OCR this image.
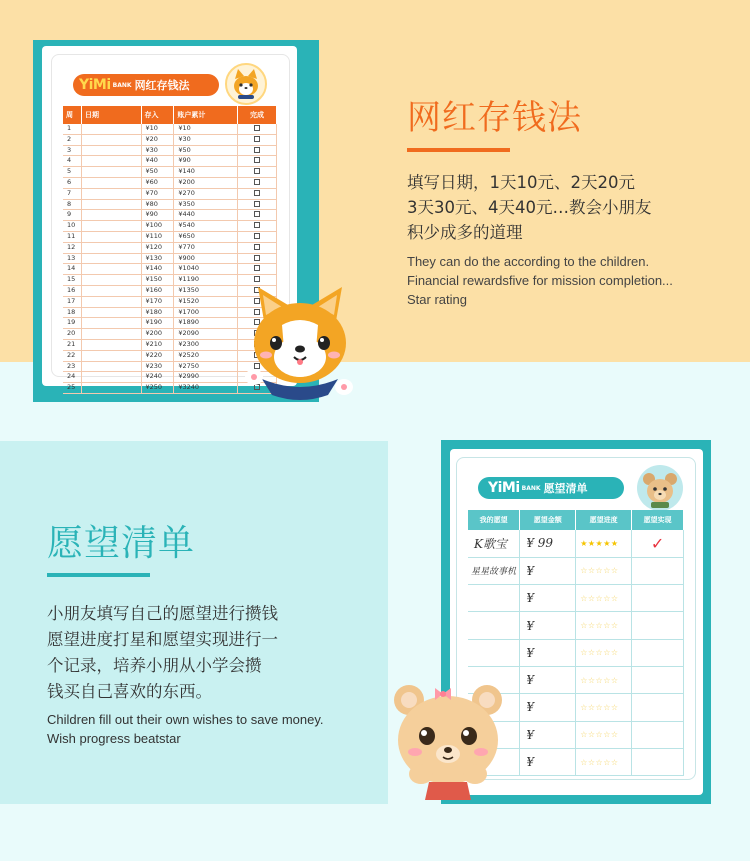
YiMi BANK 网红存钱法
周	日期	存入	账户累计	完成
1		¥10	¥10	
2		¥20	¥30	
3		¥30	¥50	
4		¥40	¥90	
5		¥50	¥140	
6		¥60	¥200	
7		¥70	¥270	
8		¥80	¥350	
9		¥90	¥440	
10		¥100	¥540	
11		¥110	¥650	
12		¥120	¥770	
13		¥130	¥900	
14		¥140	¥1040	
15		¥150	¥1190	
16		¥160	¥1350	
17		¥170	¥1520	
18		¥180	¥1700	
19		¥190	¥1890	
20		¥200	¥2090	
21		¥210	¥2300	
22		¥220	¥2520	
23		¥230	¥2750	
24		¥240	¥2990	
25		¥250	¥3240	
网红存钱法
填写日期，1天10元、2天20元
3天30元、4天40元…教会小朋友
积少成多的道理
They can do the according to the children.
Financial rewardsfive for mission completion...
Star rating
愿望清单
小朋友填写自己的愿望进行攒钱
愿望进度打星和愿望实现进行一
个记录，培养小朋从小学会攒
钱买自己喜欢的东西。
Children fill out their own wishes to save money.
Wish progress beatstar
YiMi BANK 愿望清单
我的愿望	愿望金额	愿望进度	愿望实现
K歌宝	¥ 99	★★★★★	✓
星星故事机	¥	☆☆☆☆☆	
	¥	☆☆☆☆☆	
	¥	☆☆☆☆☆	
	¥	☆☆☆☆☆	
	¥	☆☆☆☆☆	
	¥	☆☆☆☆☆	
	¥	☆☆☆☆☆	
	¥	☆☆☆☆☆	
